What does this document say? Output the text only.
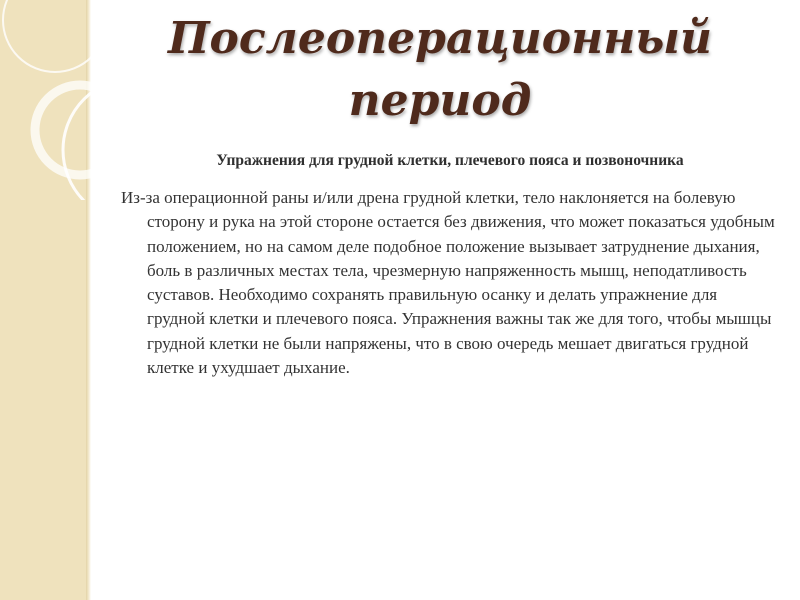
Послеоперационный
период

Упражнения для грудной клетки, плечевого пояса и позвоночника

Из-за операционной раны и/или дрена грудной клетки, тело наклоняется на болевую сторону и рука на этой стороне остается без движения, что может показаться удобным положением, но на самом деле подобное положение вызывает затруднение дыхания, боль в различных местах тела, чрезмерную напряженность мышц, неподатливость суставов. Необходимо сохранять правильную осанку и делать упражнение для грудной клетки и плечевого пояса. Упражнения важны так же для того, чтобы мышцы грудной клетки не были напряжены, что в свою очередь мешает двигаться грудной клетке и ухудшает дыхание.
